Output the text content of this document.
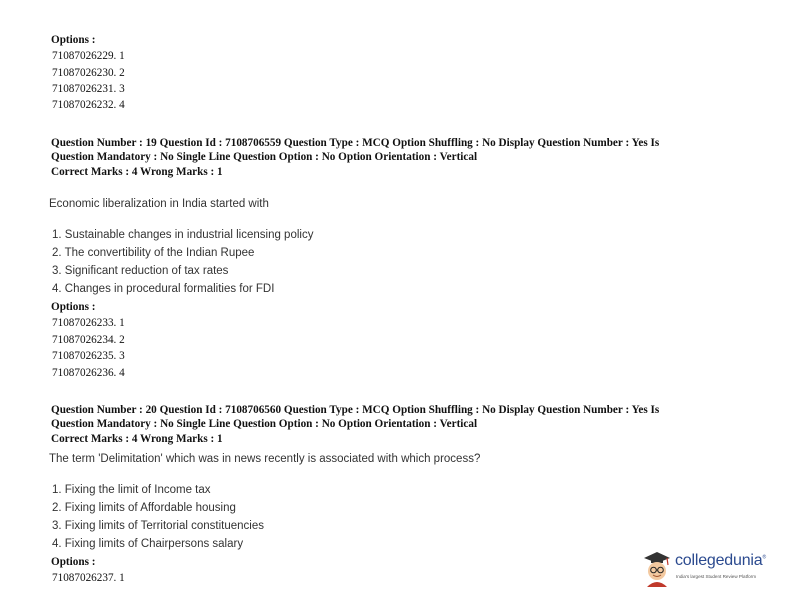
Options :
71087026229. 1
71087026230. 2
71087026231. 3
71087026232. 4
Question Number : 19 Question Id : 7108706559 Question Type : MCQ Option Shuffling : No Display Question Number : Yes Is
Question Mandatory : No Single Line Question Option : No Option Orientation : Vertical
Correct Marks : 4 Wrong Marks : 1
Economic liberalization in India started with
1. Sustainable changes in industrial licensing policy
2. The convertibility of the Indian Rupee
3. Significant reduction of tax rates
4. Changes in procedural formalities for FDI
Options :
71087026233. 1
71087026234. 2
71087026235. 3
71087026236. 4
Question Number : 20 Question Id : 7108706560 Question Type : MCQ Option Shuffling : No Display Question Number : Yes Is
Question Mandatory : No Single Line Question Option : No Option Orientation : Vertical
Correct Marks : 4 Wrong Marks : 1
The term 'Delimitation' which was in news recently is associated with which process?
1. Fixing the limit of Income tax
2. Fixing limits of Affordable housing
3. Fixing limits of Territorial constituencies
4. Fixing limits of Chairpersons salary
Options :
71087026237. 1
collegedunia®
India's largest Student Review Platform
